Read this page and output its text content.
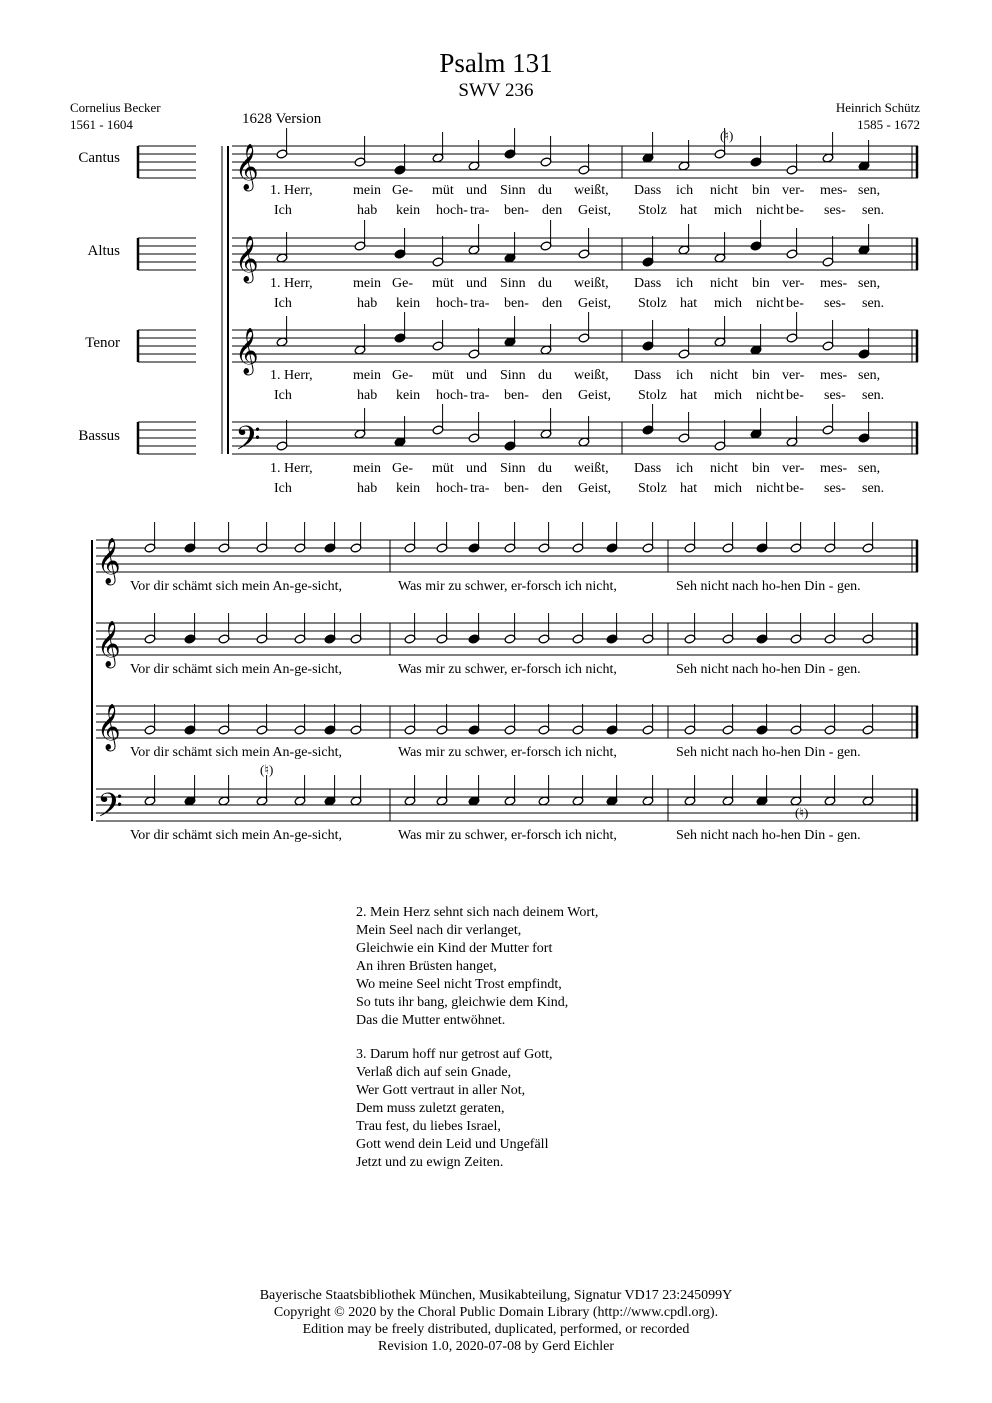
Psalm 131
SWV 236
Cornelius Becker
1561 - 1604
Heinrich Schütz
1585 - 1672
1628 Version
Cantus
Altus
Tenor
Bassus
𝄞
𝄞
𝄞
𝄢
𝄞
𝄞
𝄞
𝄢
(♮)
(♮)
(♮)
1. Herr,	mein Ge- müt und Sinn du weißt, Dass ich nicht bin ver- mes- sen,
1. Herr,	mein Ge- müt und Sinn du weißt, Dass ich nicht bin ver- mes- sen,
1. Herr,	mein Ge- müt und Sinn du weißt, Dass ich nicht bin ver- mes- sen,
1. Herr,	mein Ge- müt und Sinn du weißt, Dass ich nicht bin ver- mes- sen,
Ich	hab kein hoch- tra- ben- den Geist, Stolz hat mich nicht be- ses- sen.
Ich	hab kein hoch- tra- ben- den Geist, Stolz hat mich nicht be- ses- sen.
Ich	hab kein hoch- tra- ben- den Geist, Stolz hat mich nicht be- ses- sen.
Ich	hab kein hoch- tra- ben- den Geist, Stolz hat mich nicht be- ses- sen.
Vor dir schämt sich mein An-ge-sicht,	Was mir zu schwer, er-forsch ich nicht,	Seh nicht nach ho-hen Din - gen.
Vor dir schämt sich mein An-ge-sicht,	Was mir zu schwer, er-forsch ich nicht,	Seh nicht nach ho-hen Din - gen.
Vor dir schämt sich mein An-ge-sicht,	Was mir zu schwer, er-forsch ich nicht,	Seh nicht nach ho-hen Din - gen.
Vor dir schämt sich mein An-ge-sicht,	Was mir zu schwer, er-forsch ich nicht,	Seh nicht nach ho-hen Din - gen.
2. Mein Herz sehnt sich nach deinem Wort,
Mein Seel nach dir verlanget,
Gleichwie ein Kind der Mutter fort
An ihren Brüsten hanget,
Wo meine Seel nicht Trost empfindt,
So tuts ihr bang, gleichwie dem Kind,
Das die Mutter entwöhnet.
3. Darum hoff nur getrost auf Gott,
Verlaß dich auf sein Gnade,
Wer Gott vertraut in aller Not,
Dem muss zuletzt geraten,
Trau fest, du liebes Israel,
Gott wend dein Leid und Ungefäll
Jetzt und zu ewign Zeiten.
Bayerische Staatsbibliothek München, Musikabteilung, Signatur VD17 23:245099Y
Copyright © 2020 by the Choral Public Domain Library (http://www.cpdl.org).
Edition may be freely distributed, duplicated, performed, or recorded
Revision 1.0, 2020-07-08 by Gerd Eichler
